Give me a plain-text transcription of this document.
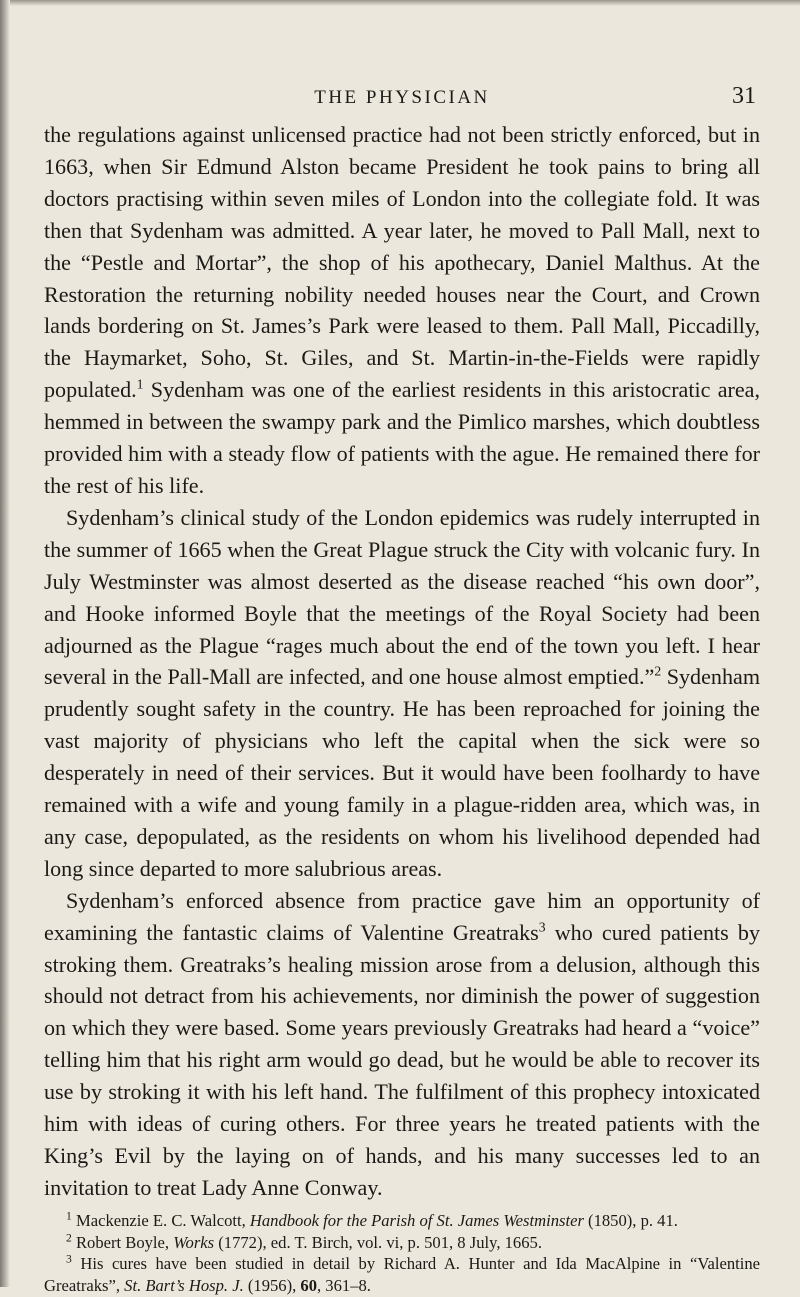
THE PHYSICIAN	31

the regulations against unlicensed practice had not been strictly enforced, but in 1663, when Sir Edmund Alston became President he took pains to bring all doctors practising within seven miles of London into the collegiate fold. It was then that Sydenham was admitted. A year later, he moved to Pall Mall, next to the “Pestle and Mortar”, the shop of his apothecary, Daniel Malthus. At the Restoration the returning nobility needed houses near the Court, and Crown lands bordering on St. James’s Park were leased to them. Pall Mall, Piccadilly, the Haymarket, Soho, St. Giles, and St. Martin-in-the-Fields were rapidly populated.$^1$ Sydenham was one of the earliest residents in this aristocratic area, hemmed in between the swampy park and the Pimlico marshes, which doubtless provided him with a steady flow of patients with the ague. He remained there for the rest of his life.

Sydenham’s clinical study of the London epidemics was rudely interrupted in the summer of 1665 when the Great Plague struck the City with volcanic fury. In July Westminster was almost deserted as the disease reached “his own door”, and Hooke informed Boyle that the meetings of the Royal Society had been adjourned as the Plague “rages much about the end of the town you left. I hear several in the Pall-Mall are infected, and one house almost emptied.”$^2$ Sydenham prudently sought safety in the country. He has been reproached for joining the vast majority of physicians who left the capital when the sick were so desperately in need of their services. But it would have been foolhardy to have remained with a wife and young family in a plague-ridden area, which was, in any case, depopulated, as the residents on whom his livelihood depended had long since departed to more salubrious areas.

Sydenham’s enforced absence from practice gave him an opportunity of examining the fantastic claims of Valentine Greatraks$^3$ who cured patients by stroking them. Greatraks’s healing mission arose from a delusion, although this should not detract from his achievements, nor diminish the power of suggestion on which they were based. Some years previously Greatraks had heard a “voice” telling him that his right arm would go dead, but he would be able to recover its use by stroking it with his left hand. The fulfilment of this prophecy intoxicated him with ideas of curing others. For three years he treated patients with the King’s Evil by the laying on of hands, and his many successes led to an invitation to treat Lady Anne Conway.

$^1$ Mackenzie E. C. Walcott, Handbook for the Parish of St. James Westminster (1850), p. 41.

$^2$ Robert Boyle, Works (1772), ed. T. Birch, vol. vi, p. 501, 8 July, 1665.

$^3$ His cures have been studied in detail by Richard A. Hunter and Ida MacAlpine in “Valentine Greatraks”, St. Bart’s Hosp. J. (1956), 60, 361–8.
